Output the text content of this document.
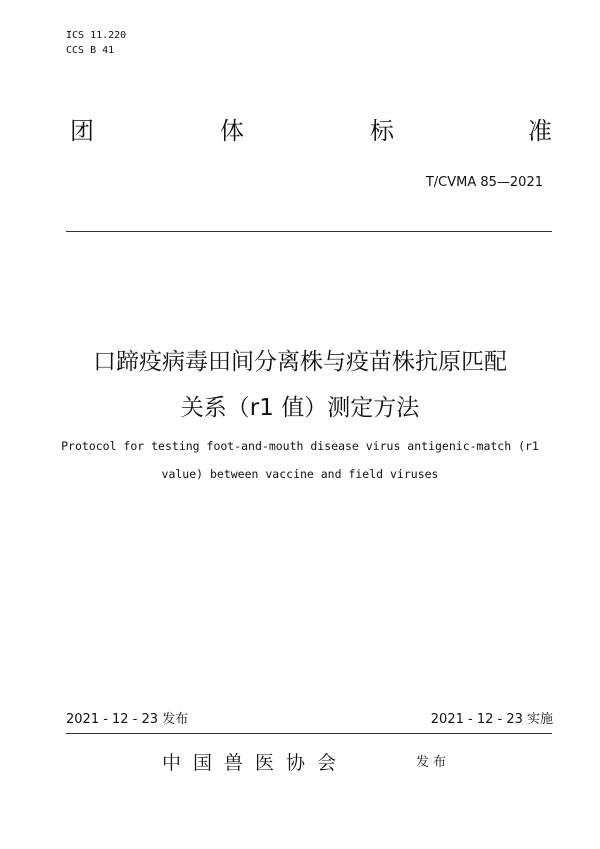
ICS 11.220
CCS B 41
团	体	标	准
T/CVMA 85—2021
口蹄疫病毒田间分离株与疫苗株抗原匹配
关系（r1 值）测定方法
Protocol for testing foot-and-mouth disease virus antigenic-match (r1
value) between vaccine and field viruses
2021 - 12 - 23 发布	2021 - 12 - 23 实施
中国兽医协会	发布
